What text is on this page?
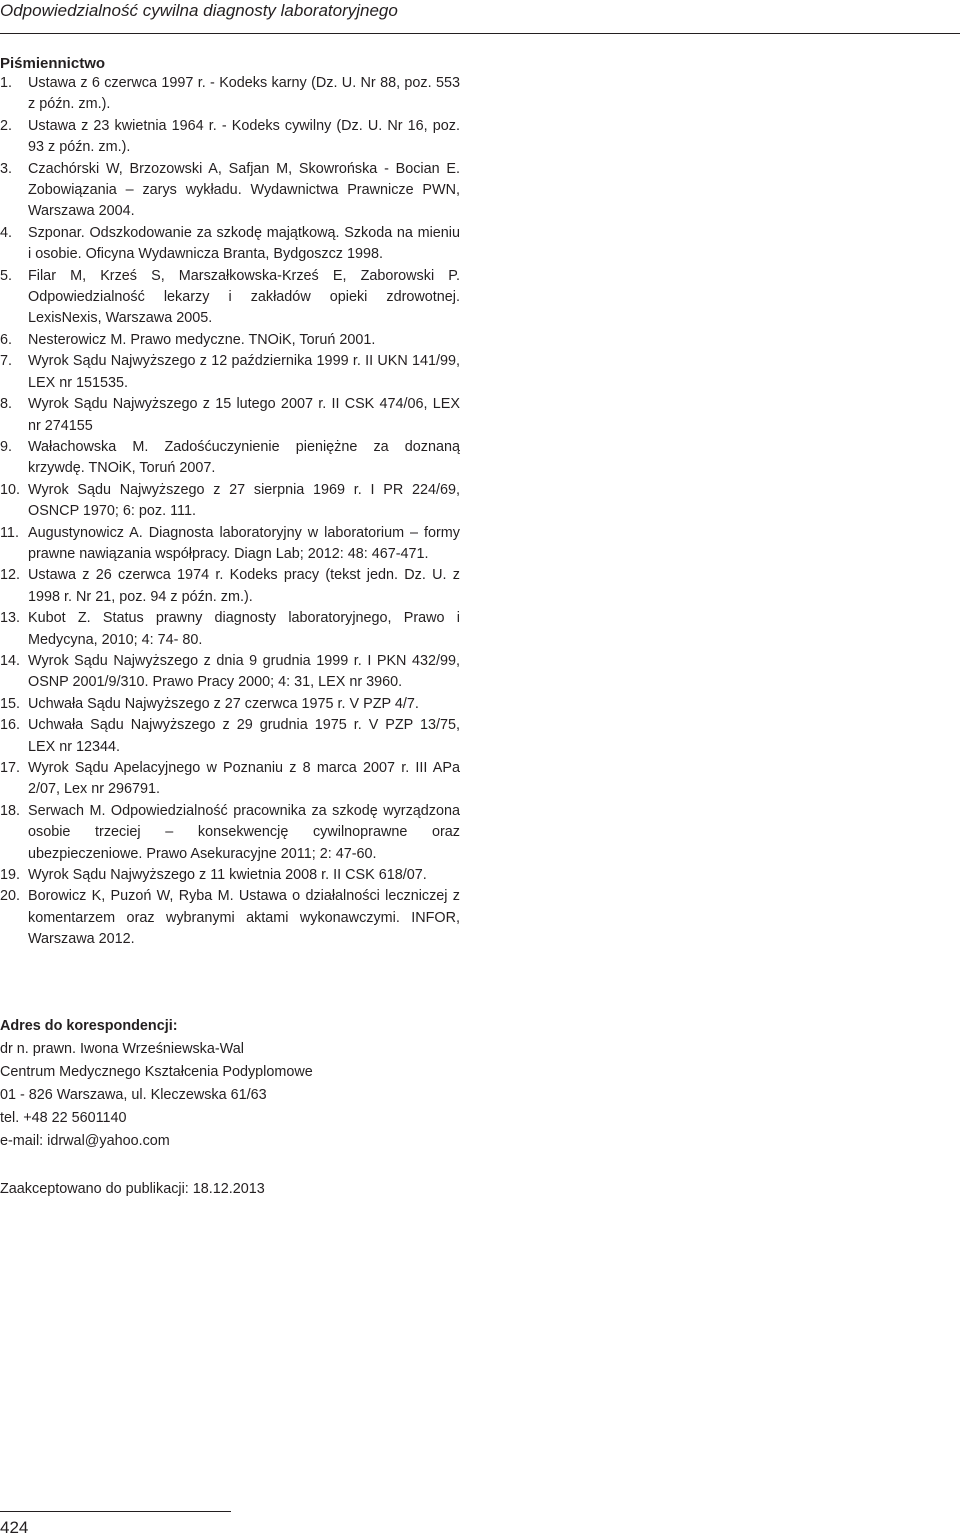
Odpowiedzialność cywilna diagnosty laboratoryjnego
Piśmiennictwo
1. Ustawa z 6 czerwca 1997 r. - Kodeks karny (Dz. U. Nr 88, poz. 553 z późn. zm.).
2. Ustawa z 23 kwietnia 1964 r. - Kodeks cywilny (Dz. U. Nr 16, poz. 93 z późn. zm.).
3. Czachórski W, Brzozowski A, Safjan M, Skowrońska - Bocian E. Zobowiązania – zarys wykładu. Wydawnictwa Prawnicze PWN, Warszawa 2004.
4. Szponar. Odszkodowanie za szkodę majątkową. Szkoda na mieniu i osobie. Oficyna Wydawnicza Branta, Bydgoszcz 1998.
5. Filar M, Krześ S, Marszałkowska-Krześ E, Zaborowski P. Odpowiedzialność lekarzy i zakładów opieki zdrowotnej. LexisNexis, Warszawa 2005.
6. Nesterowicz M. Prawo medyczne. TNOiK, Toruń 2001.
7. Wyrok Sądu Najwyższego z 12 października 1999 r. II UKN 141/99, LEX nr 151535.
8. Wyrok Sądu Najwyższego z 15 lutego 2007 r. II CSK 474/06, LEX nr 274155
9. Wałachowska M. Zadośćuczynienie pieniężne za doznaną krzywdę. TNOiK, Toruń 2007.
10. Wyrok Sądu Najwyższego z 27 sierpnia 1969 r. I PR 224/69, OSNCP 1970; 6: poz. 111.
11. Augustynowicz A. Diagnosta laboratoryjny w laboratorium – formy prawne nawiązania współpracy. Diagn Lab; 2012: 48: 467-471.
12. Ustawa z 26 czerwca 1974 r. Kodeks pracy (tekst jedn. Dz. U. z 1998 r. Nr 21, poz. 94 z późn. zm.).
13. Kubot Z. Status prawny diagnosty laboratoryjnego, Prawo i Medycyna, 2010; 4: 74- 80.
14. Wyrok Sądu Najwyższego z dnia 9 grudnia 1999 r. I PKN 432/99, OSNP 2001/9/310. Prawo Pracy 2000; 4: 31, LEX nr 3960.
15. Uchwała Sądu Najwyższego z 27 czerwca 1975 r. V PZP 4/7.
16. Uchwała Sądu Najwyższego z 29 grudnia 1975 r. V PZP 13/75, LEX nr 12344.
17. Wyrok Sądu Apelacyjnego w Poznaniu z 8 marca 2007 r. III APa 2/07, Lex nr 296791.
18. Serwach M. Odpowiedzialność pracownika za szkodę wyrządzona osobie trzeciej – konsekwencję cywilnoprawne oraz ubezpieczeniowe. Prawo Asekuracyjne 2011; 2: 47-60.
19. Wyrok Sądu Najwyższego z 11 kwietnia 2008 r. II CSK 618/07.
20. Borowicz K, Puzoń W, Ryba M. Ustawa o działalności leczniczej z komentarzem oraz wybranymi aktami wykonawczymi. INFOR, Warszawa 2012.
Adres do korespondencji:
dr n. prawn. Iwona Wrześniewska-Wal
Centrum Medycznego Kształcenia Podyplomowe
01 - 826 Warszawa, ul. Kleczewska 61/63
tel. +48 22 5601140
e-mail: idrwal@yahoo.com
Zaakceptowano do publikacji: 18.12.2013
424
